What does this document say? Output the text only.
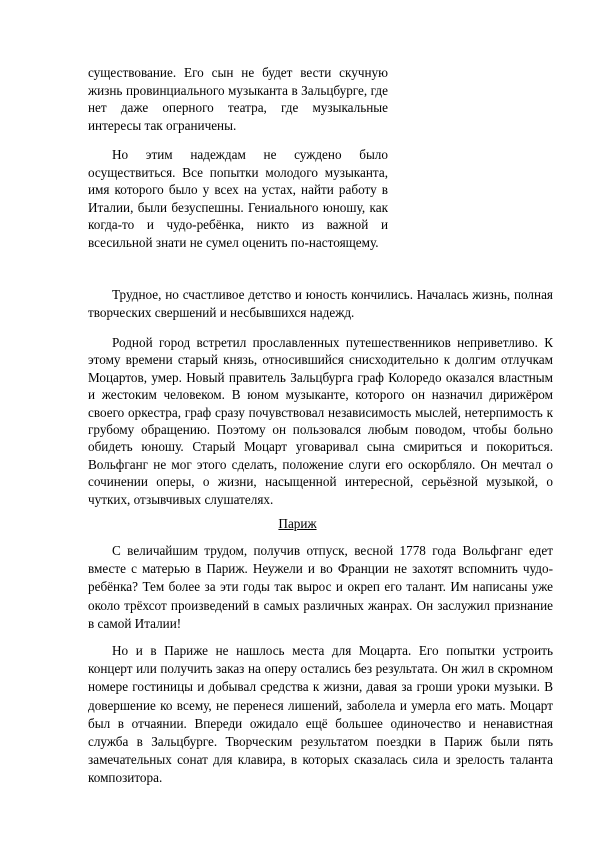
существование. Его сын не будет вести скучную жизнь провинциального музыканта в Зальцбурге, где нет даже оперного театра, где музыкальные интересы так ограничены.

Но этим надеждам не суждено было осуществиться. Все попытки молодого музыканта, имя которого было у всех на устах, найти работу в Италии, были безуспешны. Гениального юношу, как когда-то и чудо-ребёнка, никто из важной и всесильной знати не сумел оценить по-настоящему.

Трудное, но счастливое детство и юность кончились. Началась жизнь, полная творческих свершений и несбывшихся надежд.

Родной город встретил прославленных путешественников неприветливо. К этому времени старый князь, относившийся снисходительно к долгим отлучкам Моцартов, умер. Новый правитель Зальцбурга граф Колоредо оказался властным и жестоким человеком. В юном музыканте, которого он назначил дирижёром своего оркестра, граф сразу почувствовал независимость мыслей, нетерпимость к грубому обращению. Поэтому он пользовался любым поводом, чтобы больно обидеть юношу. Старый Моцарт уговаривал сына смириться и покориться. Вольфганг не мог этого сделать, положение слуги его оскорбляло. Он мечтал о сочинении оперы, о жизни, насыщенной интересной, серьёзной музыкой, о чутких, отзывчивых слушателях.

Париж

С величайшим трудом, получив отпуск, весной 1778 года Вольфганг едет вместе с матерью в Париж. Неужели и во Франции не захотят вспомнить чудо-ребёнка? Тем более за эти годы так вырос и окреп его талант. Им написаны уже около трёхсот произведений в самых различных жанрах. Он заслужил признание в самой Италии!

Но и в Париже не нашлось места для Моцарта. Его попытки устроить концерт или получить заказ на оперу остались без результата. Он жил в скромном номере гостиницы и добывал средства к жизни, давая за гроши уроки музыки. В довершение ко всему, не перенеся лишений, заболела и умерла его мать. Моцарт был в отчаянии. Впереди ожидало ещё большее одиночество и ненавистная служба в Зальцбурге. Творческим результатом поездки в Париж были пять замечательных сонат для клавира, в которых сказалась сила и зрелость таланта композитора.
